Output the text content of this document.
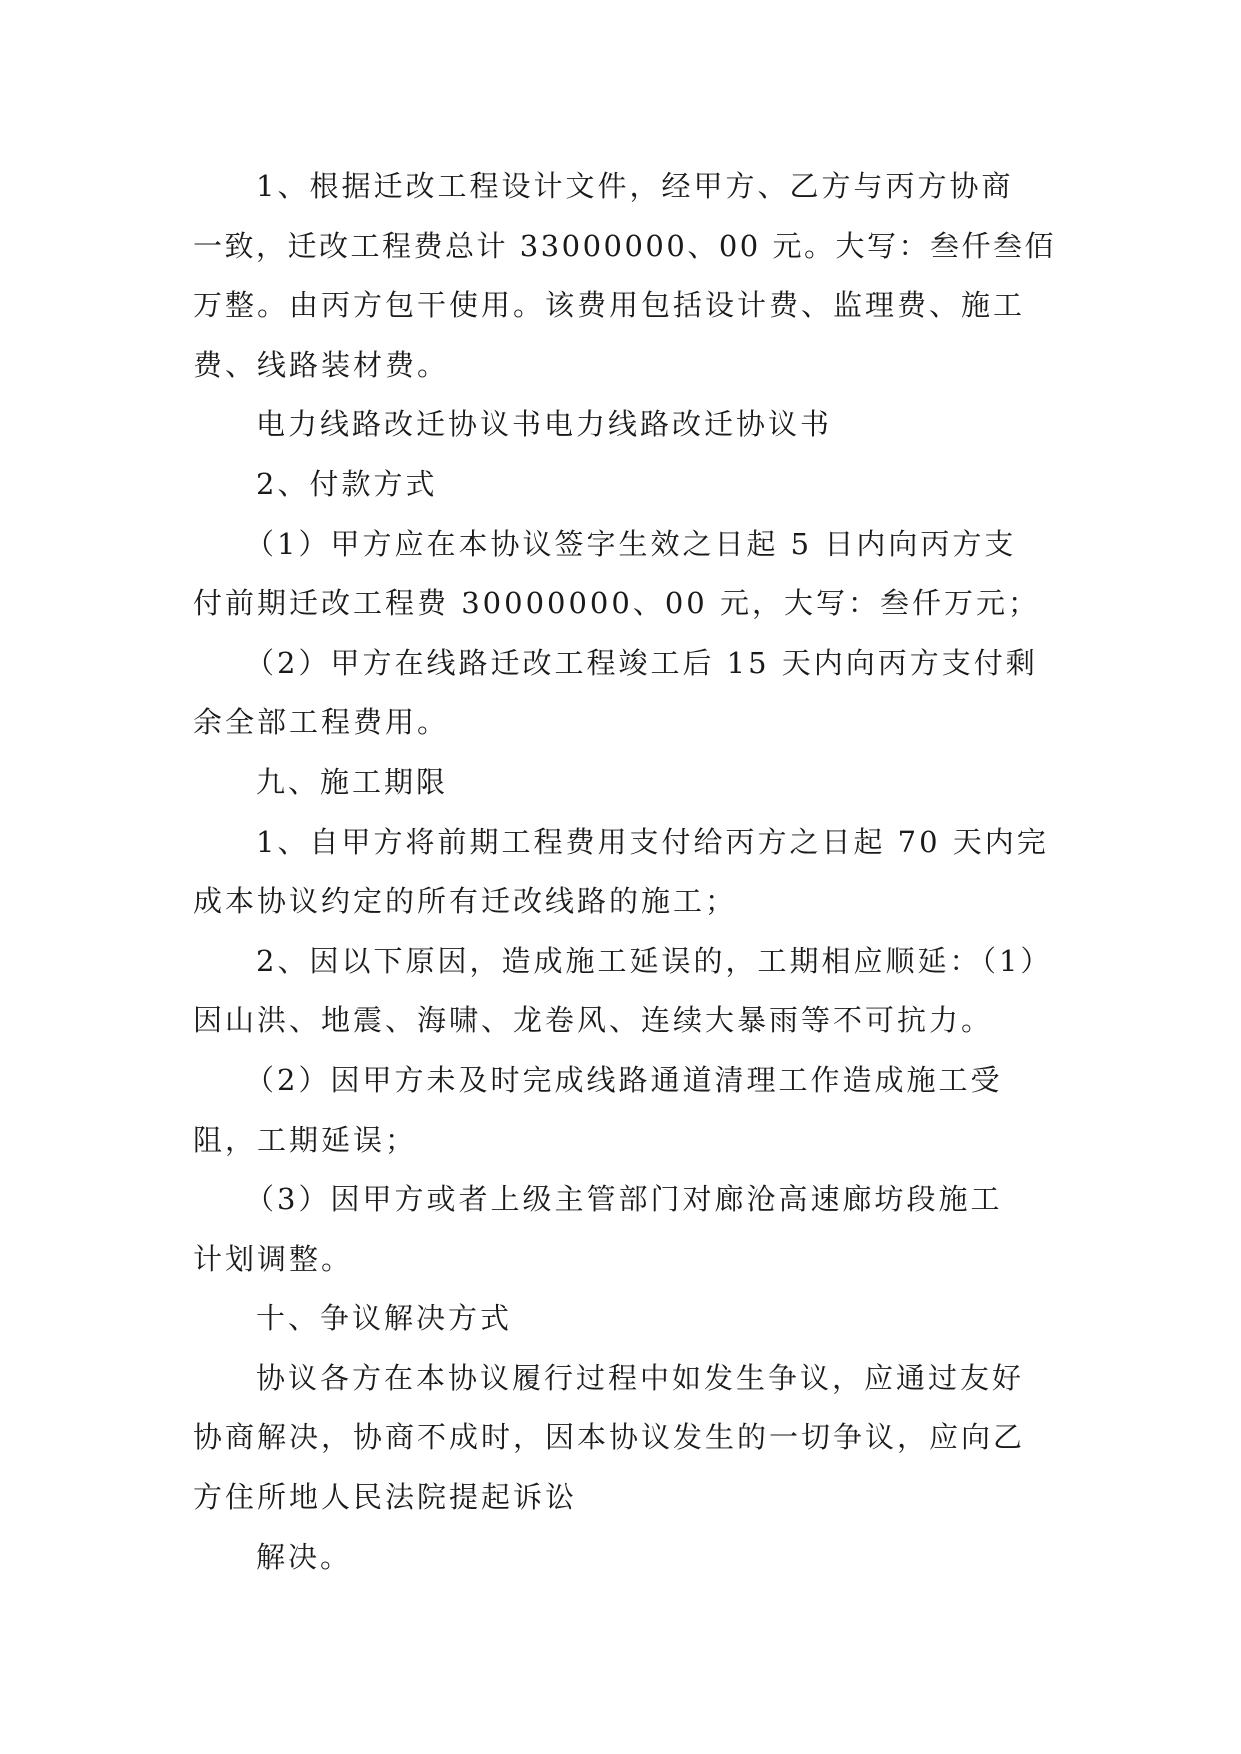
1、根据迁改工程设计文件，经甲方、乙方与丙方协商
一致，迁改工程费总计 33000000、00 元。大写：叁仟叁佰
万整。由丙方包干使用。该费用包括设计费、监理费、施工
费、线路装材费。
电力线路改迁协议书电力线路改迁协议书
2、付款方式
（1）甲方应在本协议签字生效之日起 5 日内向丙方支
付前期迁改工程费 30000000、00 元，大写：叁仟万元；
（2）甲方在线路迁改工程竣工后 15 天内向丙方支付剩
余全部工程费用。
九、施工期限
1、自甲方将前期工程费用支付给丙方之日起 70 天内完
成本协议约定的所有迁改线路的施工；
2、因以下原因，造成施工延误的，工期相应顺延：（1）
因山洪、地震、海啸、龙卷风、连续大暴雨等不可抗力。
（2）因甲方未及时完成线路通道清理工作造成施工受
阻，工期延误；
（3）因甲方或者上级主管部门对廊沧高速廊坊段施工
计划调整。
十、争议解决方式
协议各方在本协议履行过程中如发生争议，应通过友好
协商解决，协商不成时，因本协议发生的一切争议，应向乙
方住所地人民法院提起诉讼
解决。
